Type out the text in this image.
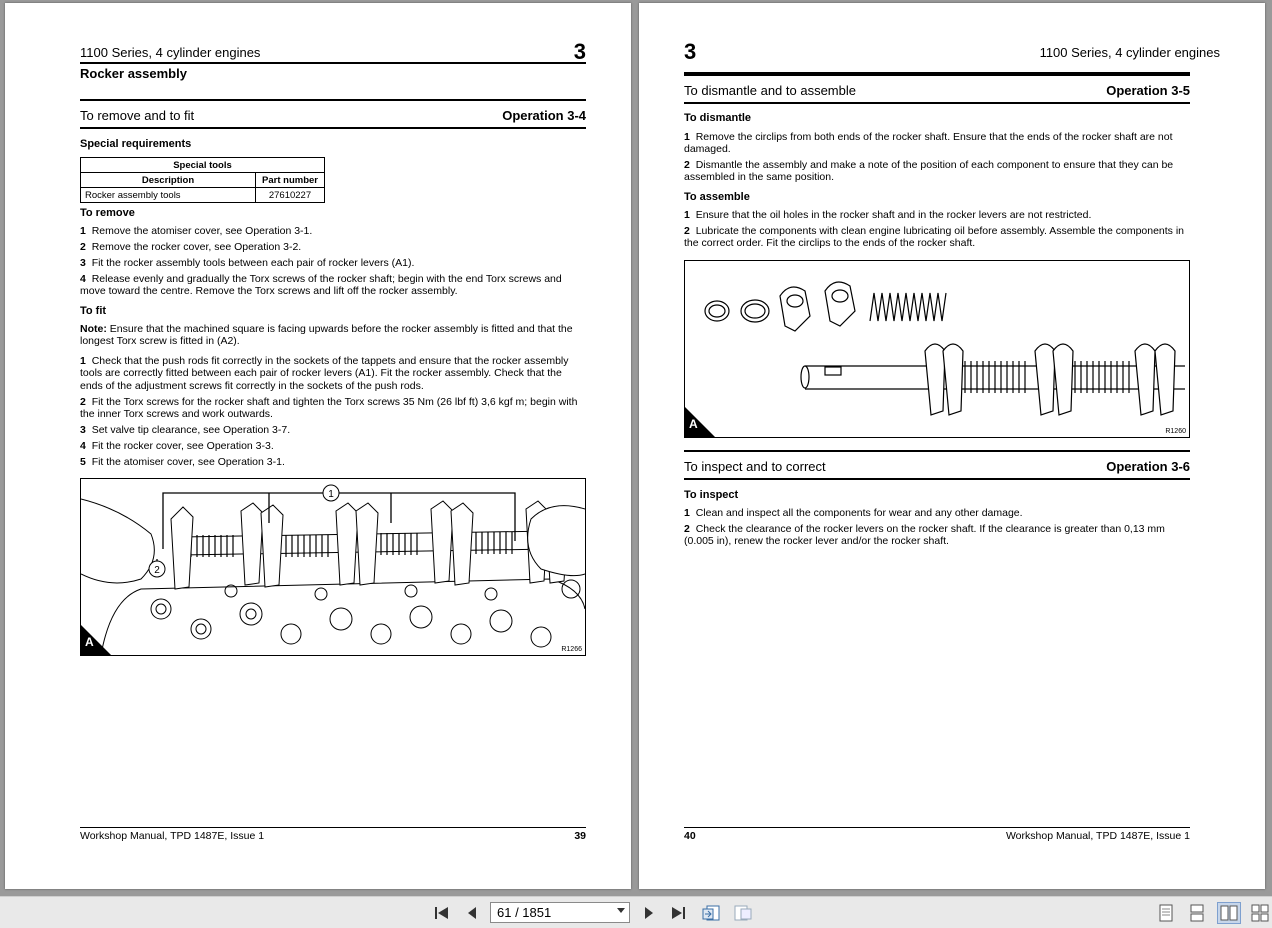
1100 Series, 4 cylinder engines	3
Rocker assembly
To remove and to fit	Operation 3-4
Special requirements
Special tools	
Description	Part number
Rocker assembly tools	27610227
To remove
1 Remove the atomiser cover, see Operation 3-1.
2 Remove the rocker cover, see Operation 3-2.
3 Fit the rocker assembly tools between each pair of rocker levers (A1).
4 Release evenly and gradually the Torx screws of the rocker shaft; begin with the end Torx screws and move toward the centre. Remove the Torx screws and lift off the rocker assembly.
To fit
Note: Ensure that the machined square is facing upwards before the rocker assembly is fitted and that the longest Torx screw is fitted in (A2).
1 Check that the push rods fit correctly in the sockets of the tappets and ensure that the rocker assembly tools are correctly fitted between each pair of rocker levers (A1). Fit the rocker assembly. Check that the ends of the adjustment screws fit correctly in the sockets of the push rods.
2 Fit the Torx screws for the rocker shaft and tighten the Torx screws 35 Nm (26 lbf ft) 3,6 kgf m; begin with the inner Torx screws and work outwards.
3 Set valve tip clearance, see Operation 3-7.
4 Fit the rocker cover, see Operation 3-3.
5 Fit the atomiser cover, see Operation 3-1.
1
2
A
R1266
Workshop Manual, TPD 1487E, Issue 1	39
3	1100 Series, 4 cylinder engines
To dismantle and to assemble	Operation 3-5
To dismantle
1 Remove the circlips from both ends of the rocker shaft. Ensure that the ends of the rocker shaft are not damaged.
2 Dismantle the assembly and make a note of the position of each component to ensure that they can be assembled in the same position.
To assemble
1 Ensure that the oil holes in the rocker shaft and in the rocker levers are not restricted.
2 Lubricate the components with clean engine lubricating oil before assembly. Assemble the components in the correct order. Fit the circlips to the ends of the rocker shaft.
A
R1260
To inspect and to correct	Operation 3-6
To inspect
1 Clean and inspect all the components for wear and any other damage.
2 Check the clearance of the rocker levers on the rocker shaft. If the clearance is greater than 0,13 mm (0.005 in), renew the rocker lever and/or the rocker shaft.
40	Workshop Manual, TPD 1487E, Issue 1
61 / 1851
